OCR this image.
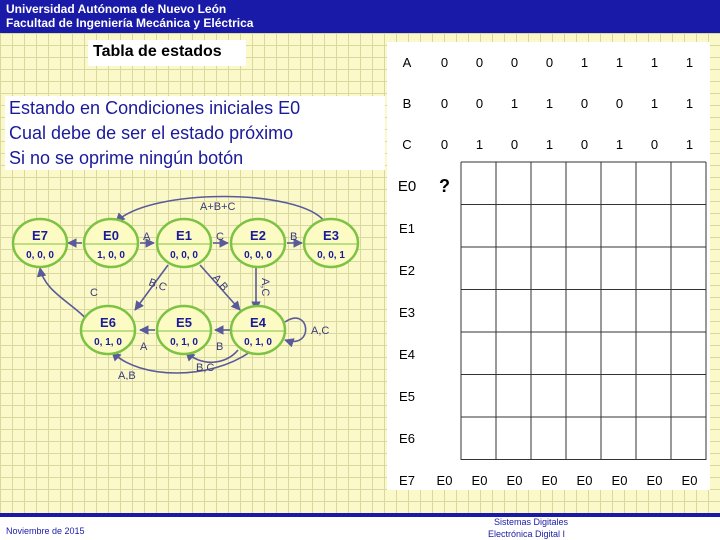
Universidad Autónoma de Nuevo León
Facultad de Ingeniería Mecánica y Eléctrica
Tabla de estados
Estando en Condiciones iniciales E0
Cual debe de ser el estado próximo
Si no se oprime ningún botón
A+B+C
A	C	B
B,C	A,B	A,C
C
A,C
A	B
A,B
B,C
E7
0, 0, 0
E0
1, 0, 0
E1
0, 0, 0
E2
0, 0, 0
E3
0, 0, 1
E6
0, 1, 0
E5
0, 1, 0
E4
0, 1, 0
A	0	0	0	0	1	1	1	1
B	0	0	1	1	0	0	1	1
C	0	1	0	1	0	1	0	1
E0	?							
E1								
E2								
E3								
E4								
E5								
E6								
E7	E0	E0	E0	E0	E0	E0	E0	E0
Noviembre de 2015
Sistemas Digitales
Electrónica Digital I
